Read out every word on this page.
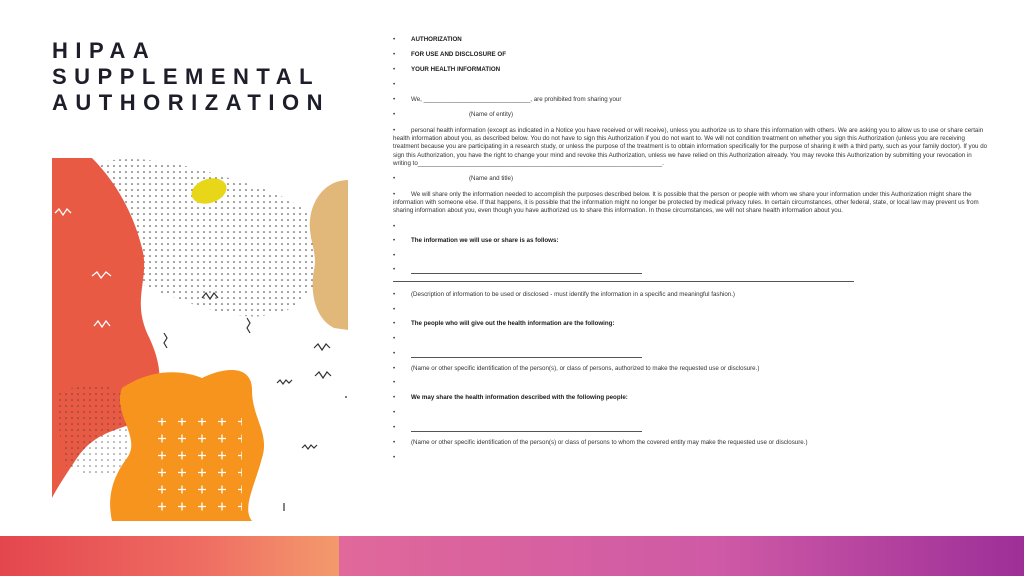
HIPAA
SUPPLEMENTAL
AUTHORIZATION
•	AUTHORIZATION
•	FOR USE AND DISCLOSURE OF
•	YOUR HEALTH INFORMATION
•
•	We, _______________________________, are prohibited from sharing your
•	(Name of entity)
•	personal health information (except as indicated in a Notice you have received or will receive), unless you authorize us to share this information with others. We are asking you to allow us to use or share certain health information about you, as described below. You do not have to sign this Authorization if you do not want to. We will not condition treatment on whether you sign this Authorization (unless you are receiving treatment because you are participating in a research study, or unless the purpose of the treatment is to obtain information specifically for the purpose of sharing it with a third party, such as your family doctor). If you do sign this Authorization, you have the right to change your mind and revoke this Authorization, unless we have relied on this Authorization already. You may revoke this Authorization by submitting your revocation in writing to_______________________________________________________________________.
•	(Name and title)
•	We will share only the information needed to accomplish the purposes described below. It is possible that the person or people with whom we share your information under this Authorization might share the information with someone else. If that happens, it is possible that the information might no longer be protected by medical privacy rules. In certain circumstances, other federal, state, or local law may prevent us from sharing information about you, even though you have authorized us to share this information. In those circumstances, we will not share health information about you.
•
•	The information we will use or share is as follows:
•
•
•	(Description of information to be used or disclosed - must identify the information in a specific and meaningful fashion.)
•
•	The people who will give out the health information are the following:
•
•
•	(Name or other specific identification of the person(s), or class of persons, authorized to make the requested use or disclosure.)
•
•	We may share the health information described with the following people:
•
•
•	(Name or other specific identification of the person(s) or class of persons to whom the covered entity may make the requested use or disclosure.)
•
